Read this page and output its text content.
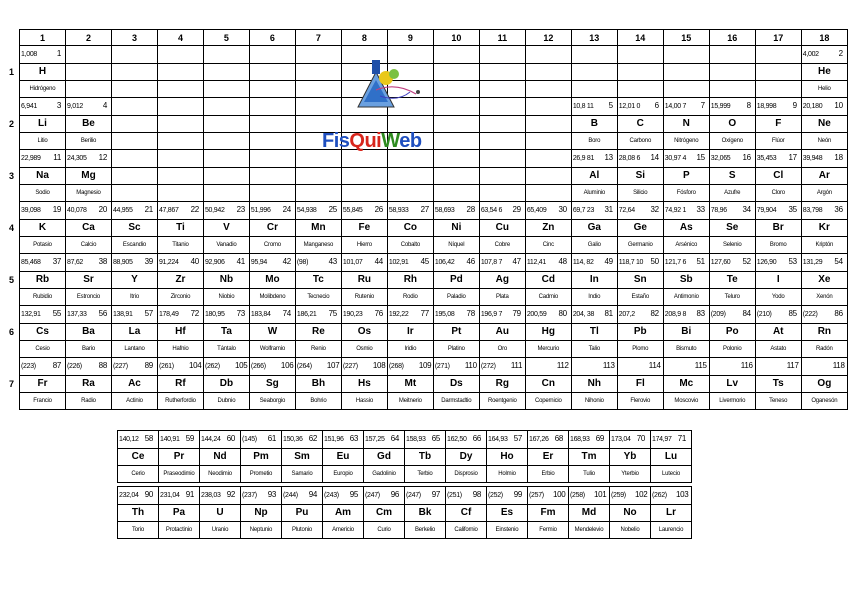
	1	2	3	4	5	6	7	8	9	10	11	12	13	14	15	16	17	18
	1,008 1																	4,002 2
1	H																	He
	Hidrógeno																	Helio
	6,941 3	9,012 4											10,8 11 5	12,01 0 6	14,00 7 7	15,999 8	18,998 9	20,180 10
2	Li	Be											B	C	N	O	F	Ne
	Litio	Berilio											Boro	Carbono	Nitrógeno	Oxígeno	Flúor	Neón
	22,989 11	24,305 12											26,9 81 13	28,08 6 14	30,97 4 15	32,065 16	35,453 17	39,948 18
3	Na	Mg											Al	Si	P	S	Cl	Ar
	Sodio	Magnesio											Aluminio	Silicio	Fósforo	Azufre	Cloro	Argón
	39,098 19	40,078 20	44,955 21	47,867 22	50,942 23	51,996 24	54,938 25	55,845 26	58,933 27	58,693 28	63,54 6 29	65,409 30	69,7 23 31	72,64 32	74,92 1 33	78,96 34	79,904 35	83,798 36
4	K	Ca	Sc	Ti	V	Cr	Mn	Fe	Co	Ni	Cu	Zn	Ga	Ge	As	Se	Br	Kr
	Potasio	Calcio	Escandio	Titanio	Vanadio	Cromo	Manganeso	Hierro	Cobalto	Níquel	Cobre	Cinc	Galio	Germanio	Arsénico	Selenio	Bromo	Kriptón
	85,468 37	87,62 38	88,905 39	91,224 40	92,906 41	95,94 42	(98) 43	101,07 44	102,91 45	106,42 46	107,8 7 47	112,41 48	114, 82 49	118,7 10 50	121,7 6 51	127,60 52	126,90 53	131,29 54
5	Rb	Sr	Y	Zr	Nb	Mo	Tc	Ru	Rh	Pd	Ag	Cd	In	Sn	Sb	Te	I	Xe
	Rubidio	Estroncio	Itrio	Zirconio	Niobio	Molibdeno	Tecnecio	Rutenio	Rodio	Paladio	Plata	Cadmio	Indio	Estaño	Antimonio	Teluro	Yodo	Xenón
	132,91 55	137,33 56	138,91 57	178,49 72	180,95 73	183,84 74	186,21 75	190,23 76	192,22 77	195,08 78	196,9 7 79	200,59 80	204, 38 81	207,2 82	208,9 8 83	(209) 84	(210) 85	(222) 86
6	Cs	Ba	La	Hf	Ta	W	Re	Os	Ir	Pt	Au	Hg	Tl	Pb	Bi	Po	At	Rn
	Cesio	Bario	Lantano	Hafnio	Tántalo	Wolframio	Renio	Osmio	Iridio	Platino	Oro	Mercurio	Talio	Plomo	Bismuto	Polonio	Astato	Radón
	(223) 87	(226) 88	(227) 89	(261) 104	(262) 105	(266) 106	(264) 107	(227) 108	(268) 109	(271) 110	(272) 111	112	113	114	115	116	117	118
7	Fr	Ra	Ac	Rf	Db	Sg	Bh	Hs	Mt	Ds	Rg	Cn	Nh	Fl	Mc	Lv	Ts	Og
	Francio	Radio	Actinio	Rutherfordio	Dubnio	Seaborgio	Bohrio	Hassio	Meitnerio	Darmstadtio	Roentgenio	Copernicio	Nihonio	Flerovio	Moscovio	Livermorio	Teneso	Oganesón
FisQuiWeb
140,12 58	140,91 59	144,24 60	(145) 61	150,36 62	151,96 63	157,25 64	158,93 65	162,50 66	164,93 57	167,26 68	168,93 69	173,04 70	174,97 71
Ce	Pr	Nd	Pm	Sm	Eu	Gd	Tb	Dy	Ho	Er	Tm	Yb	Lu
Cerio	Praseodimio	Neodimio	Prometio	Samario	Europio	Gadolinio	Terbio	Disprosio	Holmio	Erbio	Tulio	Yterbio	Lutecio
232,04 90	231,04 91	238,03 92	(237) 93	(244) 94	(243) 95	(247) 96	(247) 97	(251) 98	(252) 99	(257) 100	(258) 101	(259) 102	(262) 103
Th	Pa	U	Np	Pu	Am	Cm	Bk	Cf	Es	Fm	Md	No	Lr
Torio	Protactinio	Uranio	Neptunio	Plutonio	Americio	Curio	Berkelio	Californio	Einstenio	Fermio	Mendelevio	Nobelio	Laurencio
